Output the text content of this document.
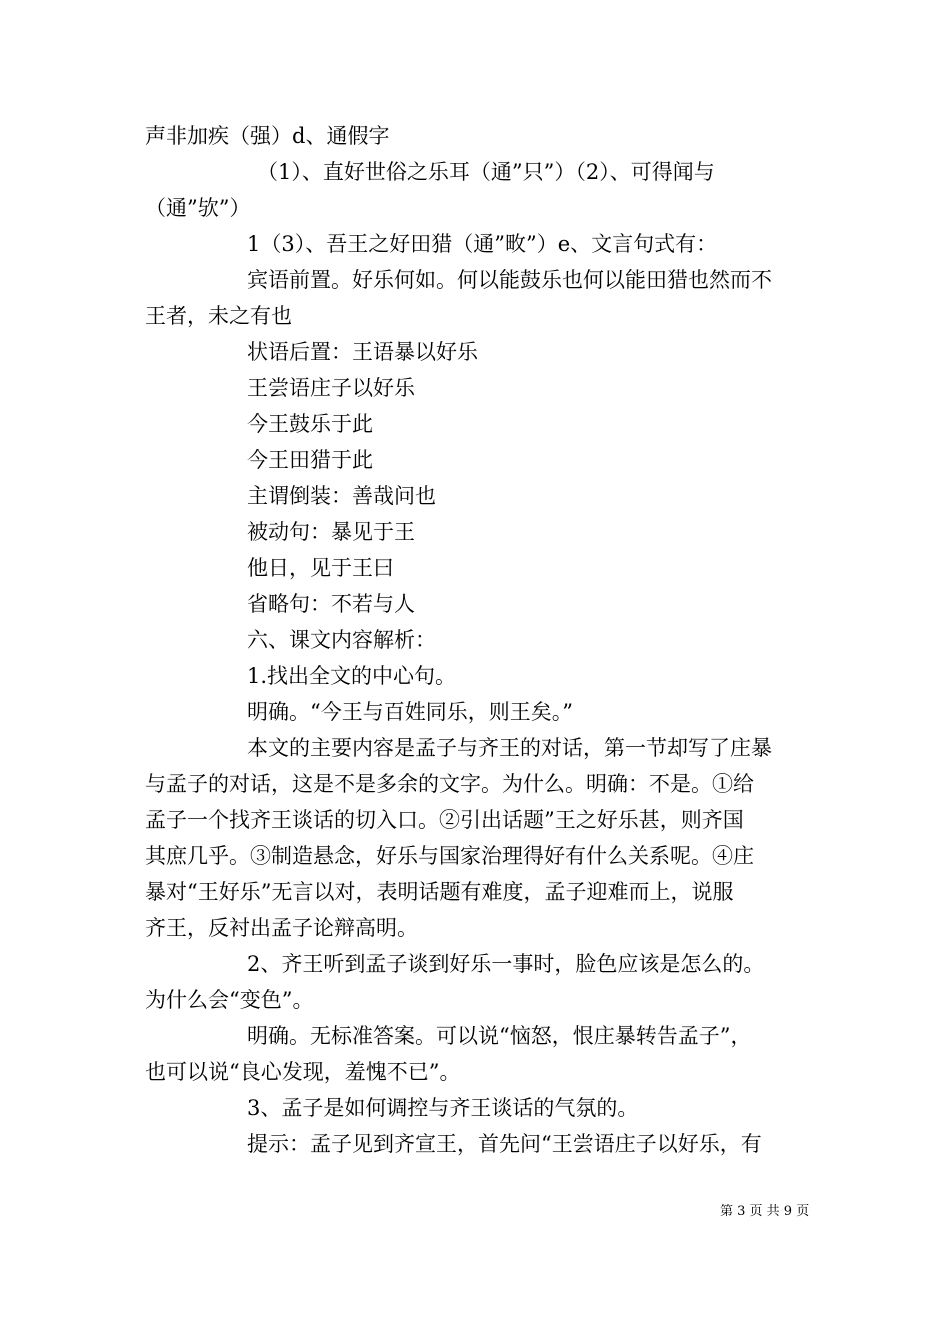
声非加疾（强）d、通假字
（1）、直好世俗之乐耳（通”只”）（2）、可得闻与
（通”欤”）
1（3）、吾王之好田猎（通”畋”）e、文言句式有：
宾语前置。好乐何如。何以能鼓乐也何以能田猎也然而不
王者，未之有也
状语后置：王语暴以好乐
王尝语庄子以好乐
今王鼓乐于此
今王田猎于此
主谓倒装：善哉问也
被动句：暴见于王
他日，见于王曰
省略句：不若与人
六、课文内容解析：
1.找出全文的中心句。
明确。“今王与百姓同乐，则王矣。”
本文的主要内容是孟子与齐王的对话，第一节却写了庄暴
与孟子的对话，这是不是多余的文字。为什么。明确：不是。①给
孟子一个找齐王谈话的切入口。②引出话题”王之好乐甚，则齐国
其庶几乎。③制造悬念，好乐与国家治理得好有什么关系呢。④庄
暴对“王好乐”无言以对，表明话题有难度，孟子迎难而上，说服
齐王，反衬出孟子论辩高明。
2、齐王听到孟子谈到好乐一事时，脸色应该是怎么的。
为什么会“变色”。
明确。无标准答案。可以说“恼怒，恨庄暴转告孟子”，
也可以说“良心发现，羞愧不已”。
3、孟子是如何调控与齐王谈话的气氛的。
提示：孟子见到齐宣王，首先问“王尝语庄子以好乐，有
第 3 页 共 9 页
